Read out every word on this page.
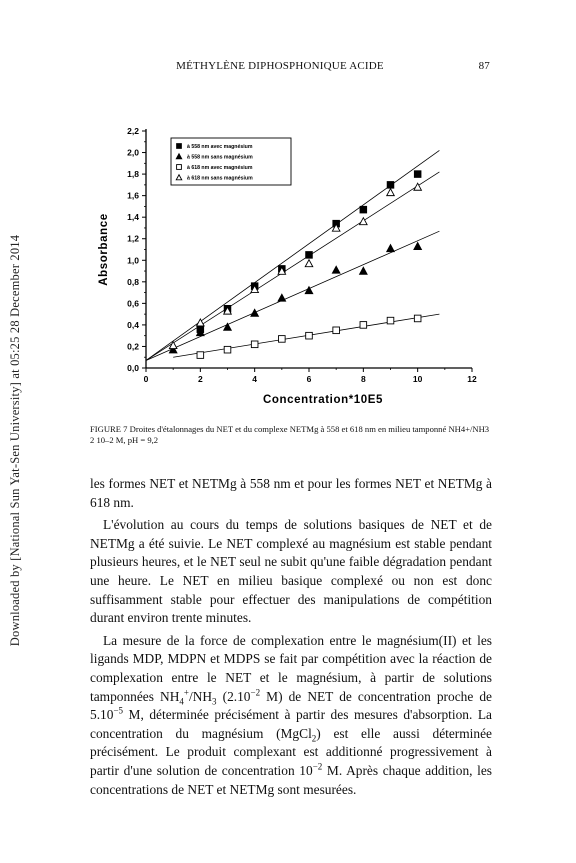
Downloaded by [National Sun Yat-Sen University] at 05:25 28 December 2014
MÉTHYLÈNE DIPHOSPHONIQUE ACIDE	87
0,0
0,2
0,4
0,6
0,8
1,0
1,2
1,4
1,6
1,8
2,0
2,2
0	2	4	6	8	10	12
Concentration*10E5
Absorbance
à 558 nm avec magnésium
à 558 nm sans magnésium
à 618 nm avec magnésium
à 618 nm sans magnésium
FIGURE 7 Droites d'étalonnages du NET et du complexe NETMg à 558 et 618 nm en milieu tamponné NH4+/NH3 2 10–2 M, pH = 9,2

les formes NET et NETMg à 558 nm et pour les formes NET et NETMg à 618 nm.

L'évolution au cours du temps de solutions basiques de NET et de NETMg a été suivie. Le NET complexé au magnésium est stable pendant plusieurs heures, et le NET seul ne subit qu'une faible dégradation pendant une heure. Le NET en milieu basique complexé ou non est donc suffisamment stable pour effectuer des manipulations de compétition durant environ trente minutes.

La mesure de la force de complexation entre le magnésium(II) et les ligands MDP, MDPN et MDPS se fait par compétition avec la réaction de complexation entre le NET et le magnésium, à partir de solutions tamponnées $NH_4^+/NH_3$ ($2.10^{-2}$ M) de NET de concentration proche de $5.10^{-5}$ M, déterminée précisément à partir des mesures d'absorption. La concentration du magnésium (MgCl$_2$) est elle aussi déterminée précisément. Le produit complexant est additionné progressivement à partir d'une solution de concentration $10^{-2}$ M. Après chaque addition, les concentrations de NET et NETMg sont mesurées.
